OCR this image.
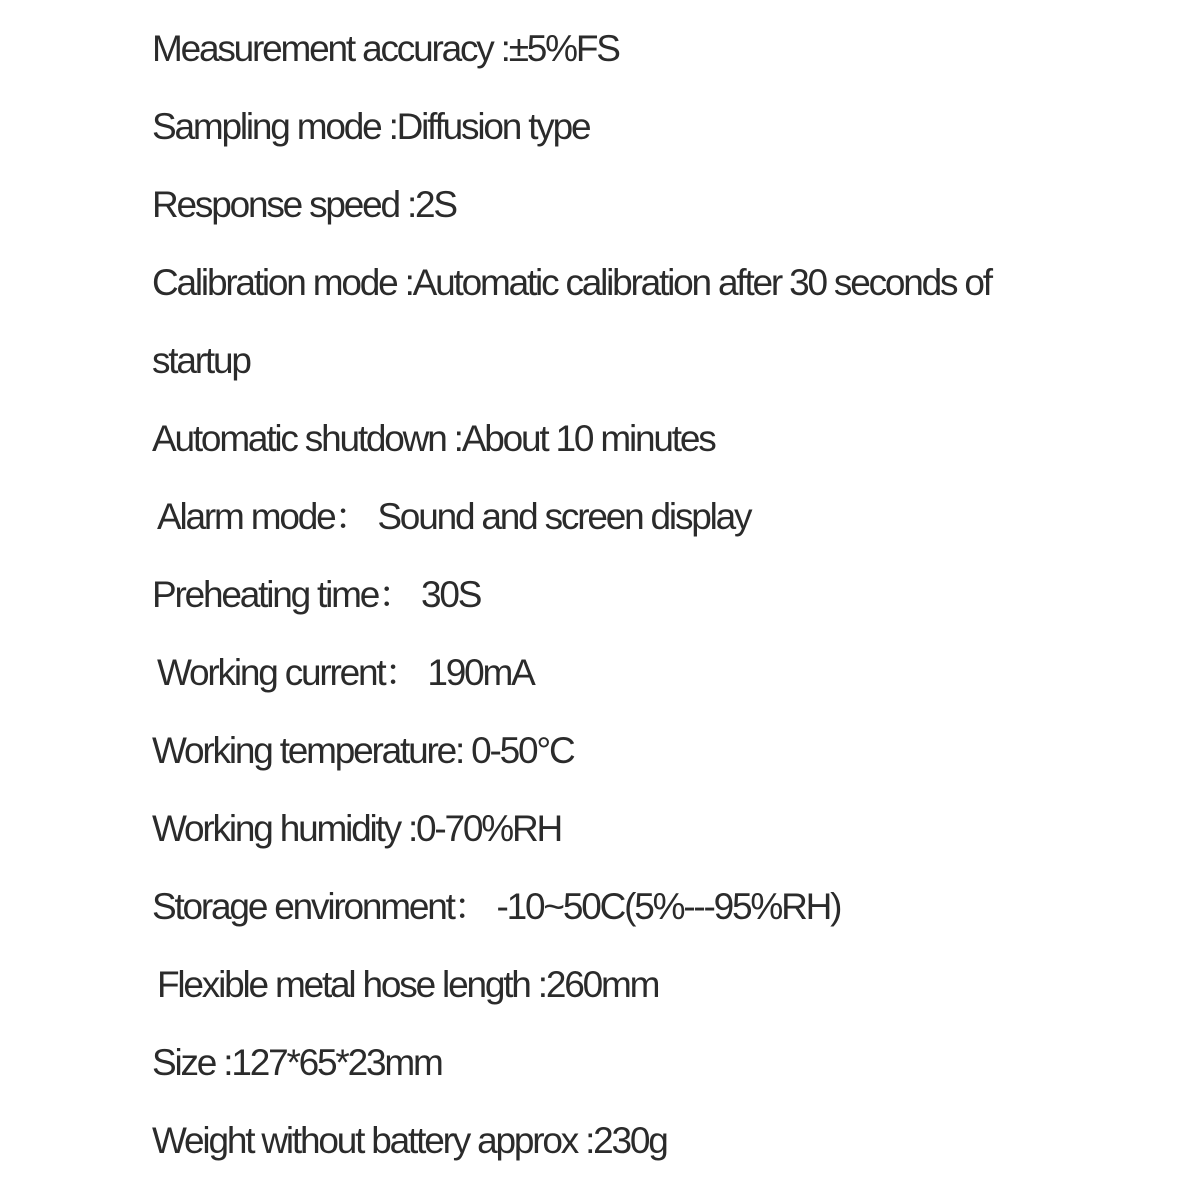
Measurement accuracy :±5%FS
Sampling mode :Diffusion type
Response speed :2S
Calibration mode :Automatic calibration after 30 seconds of
startup
Automatic shutdown :About 10 minutes
Alarm mode： Sound and screen display
Preheating time： 30S
Working current： 190mA
Working temperature: 0-50°C
Working humidity :0-70%RH
Storage environment： -10~50C(5%---95%RH)
Flexible metal hose length :260mm
Size :127*65*23mm
Weight without battery approx :230g
